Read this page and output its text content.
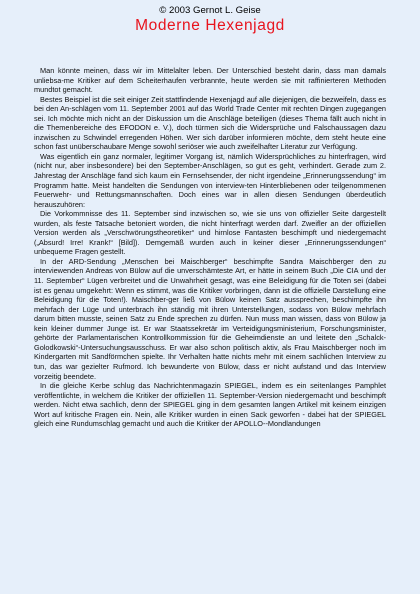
© 2003 Gernot L. Geise
Moderne Hexenjagd

Man könnte meinen, dass wir im Mittelalter leben. Der Unterschied besteht darin, dass man damals unliebsa-me Kritiker auf dem Scheiterhaufen verbrannte, heute werden sie mit raffinierteren Methoden mundtot gemacht.

Bestes Beispiel ist die seit einiger Zeit stattfindende Hexenjagd auf alle diejenigen, die bezweifeln, dass es bei den An-schlägen vom 11. September 2001 auf das World Trade Center mit rechten Dingen zugegangen sei. Ich möchte mich nicht an der Diskussion um die Anschläge beteiligen (dieses Thema fällt auch nicht in die Themenbereiche des EFODON e. V.), doch türmen sich die Widersprüche und Falschaussagen dazu inzwischen zu Schwindel erregenden Höhen. Wer sich darüber informieren möchte, dem steht heute eine schon fast unüberschaubare Menge sowohl seriöser wie auch zweifelhafter Literatur zur Verfügung.

Was eigentlich ein ganz normaler, legitimer Vorgang ist, nämlich Widersprüchliches zu hinterfragen, wird (nicht nur, aber insbesondere) bei den September-Anschlägen, so gut es geht, verhindert. Gerade zum 2. Jahrestag der Anschläge fand sich kaum ein Fernsehsender, der nicht irgendeine „Erinnerungssendung“ im Programm hatte. Meist handelten die Sendungen von interview-ten Hinterbliebenen oder teilgenommenen Feuerwehr- und Rettungsmannschaften. Doch eines war in allen diesen Sendungen überdeutlich herauszuhören:

Die Vorkommnisse des 11. September sind inzwischen so, wie sie uns von offizieller Seite dargestellt wurden, als feste Tatsache betoniert worden, die nicht hinterfragt werden darf. Zweifler an der offiziellen Version werden als „Verschwörungstheoretiker“ und hirnlose Fantasten beschimpft und niedergemacht („Absurd! Irre! Krank!“ [Bild]). Demgemäß wurden auch in keiner dieser „Erinnerungssendungen“ unbequeme Fragen gestellt.

In der ARD-Sendung „Menschen bei Maischberger“ beschimpfte Sandra Maischberger den zu interviewenden Andreas von Bülow auf die unverschämteste Art, er hätte in seinem Buch „Die CIA und der 11. September“ Lügen verbreitet und die Unwahrheit gesagt, was eine Beleidigung für die Toten sei (dabei ist es genau umgekehrt: Wenn es stimmt, was die Kritiker vorbringen, dann ist die offizielle Darstellung eine Beleidigung für die Toten!). Maischber-ger ließ von Bülow keinen Satz aussprechen, beschimpfte ihn mehrfach der Lüge und unterbrach ihn ständig mit ihren Unterstellungen, sodass von Bülow mehrfach darum bitten musste, seinen Satz zu Ende sprechen zu dürfen. Nun muss man wissen, dass von Bülow ja kein kleiner dummer Junge ist. Er war Staatssekretär im Verteidigungsministerium, Forschungsminister, gehörte der Parlamentarischen Kontrollkommission für die Geheimdienste an und leitete den „Schalck-Golodkowski“-Untersuchungsausschuss. Er war also schon politisch aktiv, als Frau Maischberger noch im Kindergarten mit Sandförmchen spielte. Ihr Verhalten hatte nichts mehr mit einem sachlichen Interview zu tun, das war gezielter Rufmord. Ich bewunderte von Bülow, dass er nicht aufstand und das Interview vorzeitig beendete.

In die gleiche Kerbe schlug das Nachrichtenmagazin SPIEGEL, indem es ein seitenlanges Pamphlet veröffentlichte, in welchem die Kritiker der offiziellen 11. September-Version niedergemacht und beschimpft werden. Nicht etwa sachlich, denn der SPIEGEL ging in dem gesamten langen Artikel mit keinem einzigen Wort auf kritische Fragen ein. Nein, alle Kritiker wurden in einen Sack geworfen - dabei hat der SPIEGEL gleich eine Rundumschlag gemacht und auch die Kritiker der APOLLO--Mondlandungen
